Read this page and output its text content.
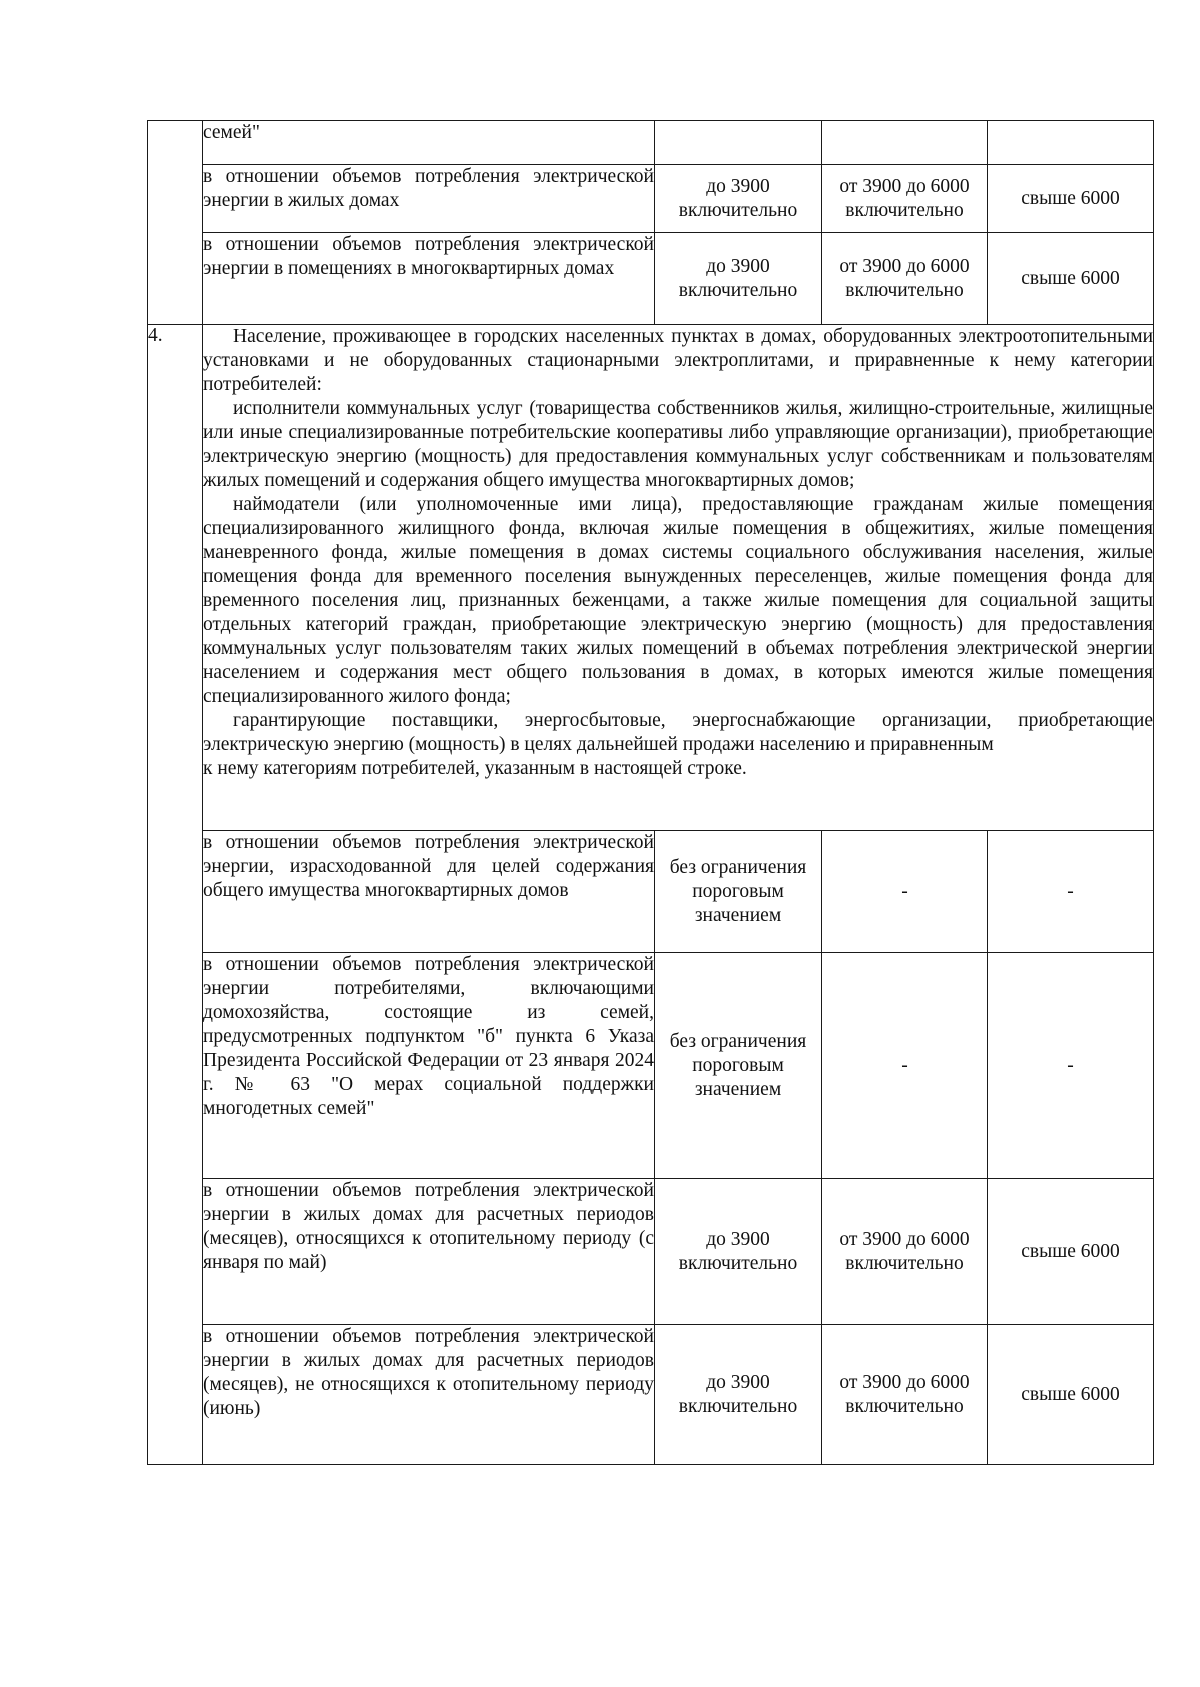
	семей"			
	в отношении объемов потребления электрической энергии в жилых домах	до 3900 включительно	от 3900 до 6000 включительно	свыше 6000
	в отношении объемов потребления электрической энергии в помещениях в многоквартирных домах	до 3900 включительно	от 3900 до 6000 включительно	свыше 6000
4.	Население, проживающее в городских населенных пунктах в домах, оборудованных электроотопительными установками и не оборудованных стационарными электроплитами, и приравненные к нему категории потребителей:

исполнители коммунальных услуг (товарищества собственников жилья, жилищно-строительные, жилищные или иные специализированные потребительские кооперативы либо управляющие организации), приобретающие электрическую энергию (мощность) для предоставления коммунальных услуг собственникам и пользователям жилых помещений и содержания общего имущества многоквартирных домов;

наймодатели (или уполномоченные ими лица), предоставляющие гражданам жилые помещения специализированного жилищного фонда, включая жилые помещения в общежитиях, жилые помещения маневренного фонда, жилые помещения в домах системы социального обслуживания населения, жилые помещения фонда для временного поселения вынужденных переселенцев, жилые помещения фонда для временного поселения лиц, признанных беженцами, а также жилые помещения для социальной защиты отдельных категорий граждан, приобретающие электрическую энергию (мощность) для предоставления коммунальных услуг пользователям таких жилых помещений в объемах потребления электрической энергии населением и содержания мест общего пользования в домах, в которых имеются жилые помещения специализированного жилого фонда;

гарантирующие поставщики, энергосбытовые, энергоснабжающие организации, приобретающие электрическую энергию (мощность) в целях дальнейшей продажи населению и приравненным

к нему категориям потребителей, указанным в настоящей строке.			

	в отношении объемов потребления электрической энергии, израсходованной для целей содержания общего имущества многоквартирных домов	без ограничения пороговым значением	-	-
	в отношении объемов потребления электрической энергии потребителями, включающими домохозяйства, состоящие из семей, предусмотренных подпунктом "б" пункта 6 Указа Президента Российской Федерации от 23 января 2024 г. № 63 "О мерах социальной поддержки многодетных семей"	без ограничения пороговым значением	-	-
	в отношении объемов потребления электрической энергии в жилых домах для расчетных периодов (месяцев), относящихся к отопительному периоду (с января по май)	до 3900 включительно	от 3900 до 6000 включительно	свыше 6000
	в отношении объемов потребления электрической энергии в жилых домах для расчетных периодов (месяцев), не относящихся к отопительному периоду (июнь)	до 3900 включительно	от 3900 до 6000 включительно	свыше 6000
